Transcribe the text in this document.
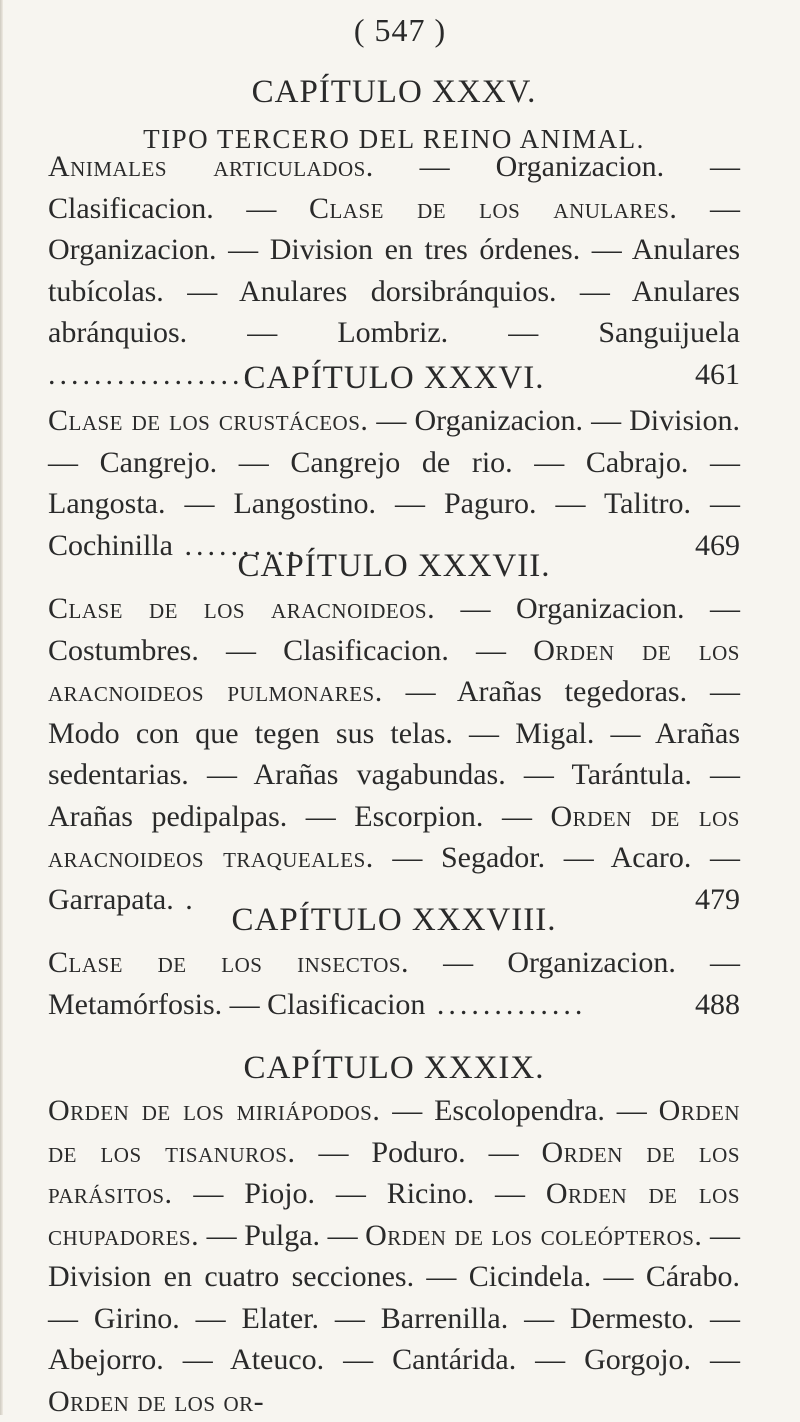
( 547 )
CAPÍTULO XXXV.
TIPO TERCERO DEL REINO ANIMAL.
Animales articulados. — Organizacion. — Clasificacion. — Clase de los anulares. — Organizacion. — Division en tres órdenes. — Anulares tubícolas. — Anulares dorsibránquios. — Anulares abránquios. — Lombriz. — Sanguijuela ..................	461
CAPÍTULO XXXVI.
Clase de los crustáceos. — Organizacion. — Division. — Cangrejo. — Cangrejo de rio. — Cabrajo. — Langosta. — Langostino. — Paguro. — Talitro. — Cochinilla ..........	469
CAPÍTULO XXXVII.
Clase de los aracnoideos. — Organizacion. — Costumbres. — Clasificacion. — Orden de los aracnoideos pulmonares. — Arañas tegedoras. — Modo con que tegen sus telas. — Migal. — Arañas sedentarias. — Arañas vagabundas. — Tarántula. — Arañas pedipalpas. — Escorpion. — Orden de los aracnoideos traqueales. — Segador. — Acaro. — Garrapata. .	479
CAPÍTULO XXXVIII.
Clase de los insectos. — Organizacion. — Metamórfosis. — Clasificacion .............	488
CAPÍTULO XXXIX.
Orden de los miriápodos. — Escolopendra. — Orden de los tisanuros. — Poduro. — Orden de los parásitos. — Piojo. — Ricino. — Orden de los chupadores. — Pulga. — Orden de los coleópteros. — Division en cuatro secciones. — Cicindela. — Cárabo. — Girino. — Elater. — Barrenilla. — Dermesto. — Abejorro. — Ateuco. — Cantárida. — Gorgojo. — Orden de los or-
